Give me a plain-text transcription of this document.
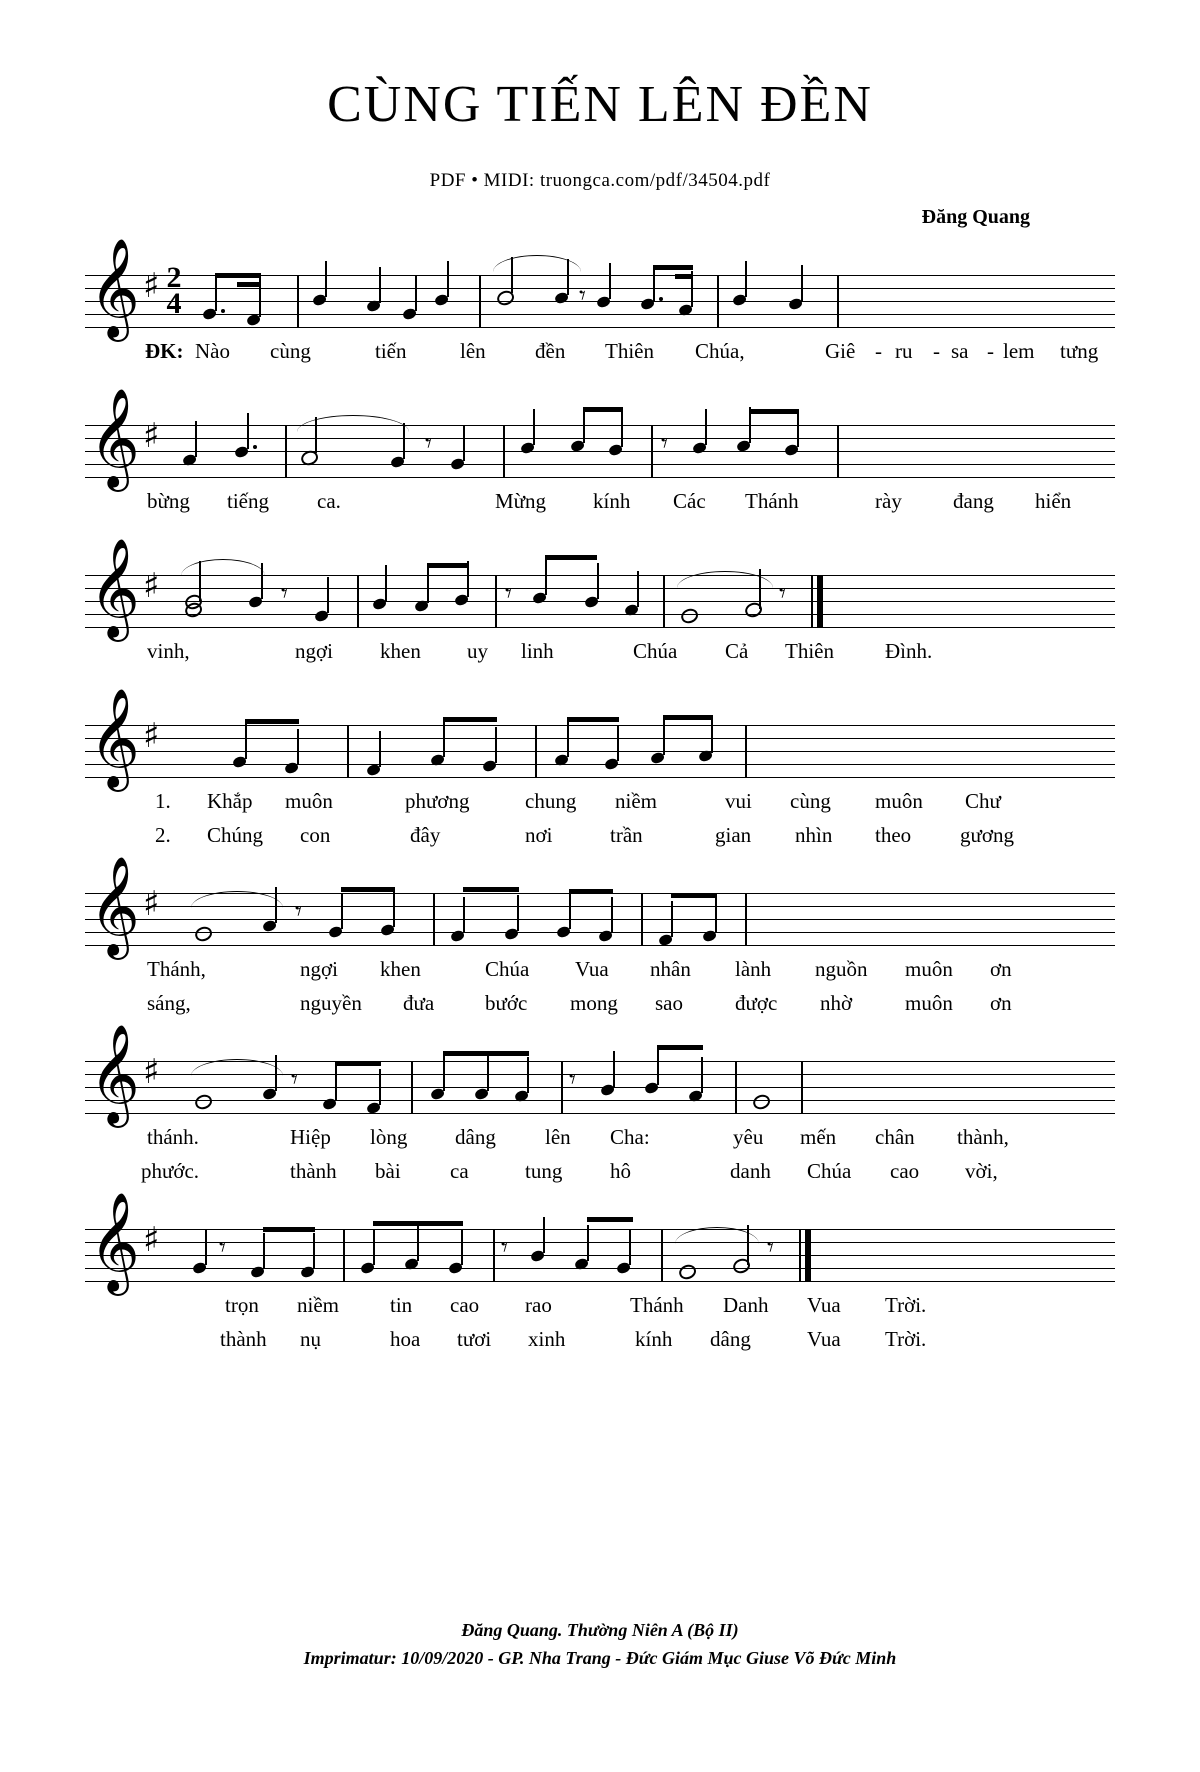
CÙNG TIẾN LÊN ĐỀN
PDF • MIDI: truongca.com/pdf/34504.pdf
Đăng Quang
𝄞 ♯ 2
4	𝄾
ĐK: Nào cùng	tiến	lên đền Thiên Chúa,	Giê - ru - sa - lem tưng
𝄞 ♯	𝄾	𝄾
bừng tiếng ca.	Mừng kính Các Thánh	rày đang hiển
𝄞 ♯	𝄾	𝄾	𝄾
vinh,	ngợi khen uy linh	Chúa Cả Thiên Đình.
𝄞 ♯
1. Khắp muôn	phương	chung niềm	vui cùng muôn Chư
2. Chúng con	đây	nơi	trần	gian nhìn theo gương
𝄞 ♯	𝄾
Thánh,	ngợi khen	Chúa Vua nhân lành nguồn muôn ơn
sáng,	nguyền đưa bước mong sao được nhờ	muôn ơn
𝄞 ♯	𝄾	𝄾
thánh.	Hiệp lòng dâng lên Cha:	yêu mến chân thành,
phước.	thành bài ca	tung hô	danh Chúa cao vời,
𝄞 ♯ 𝄾	𝄾	𝄾
trọn niềm tin cao rao	Thánh Danh Vua Trời.
thành nụ	hoa tươi xinh	kính dâng	Vua Trời.
Đăng Quang. Thường Niên A (Bộ II)
Imprimatur: 10/09/2020 - GP. Nha Trang - Đức Giám Mục Giuse Võ Đức Minh
